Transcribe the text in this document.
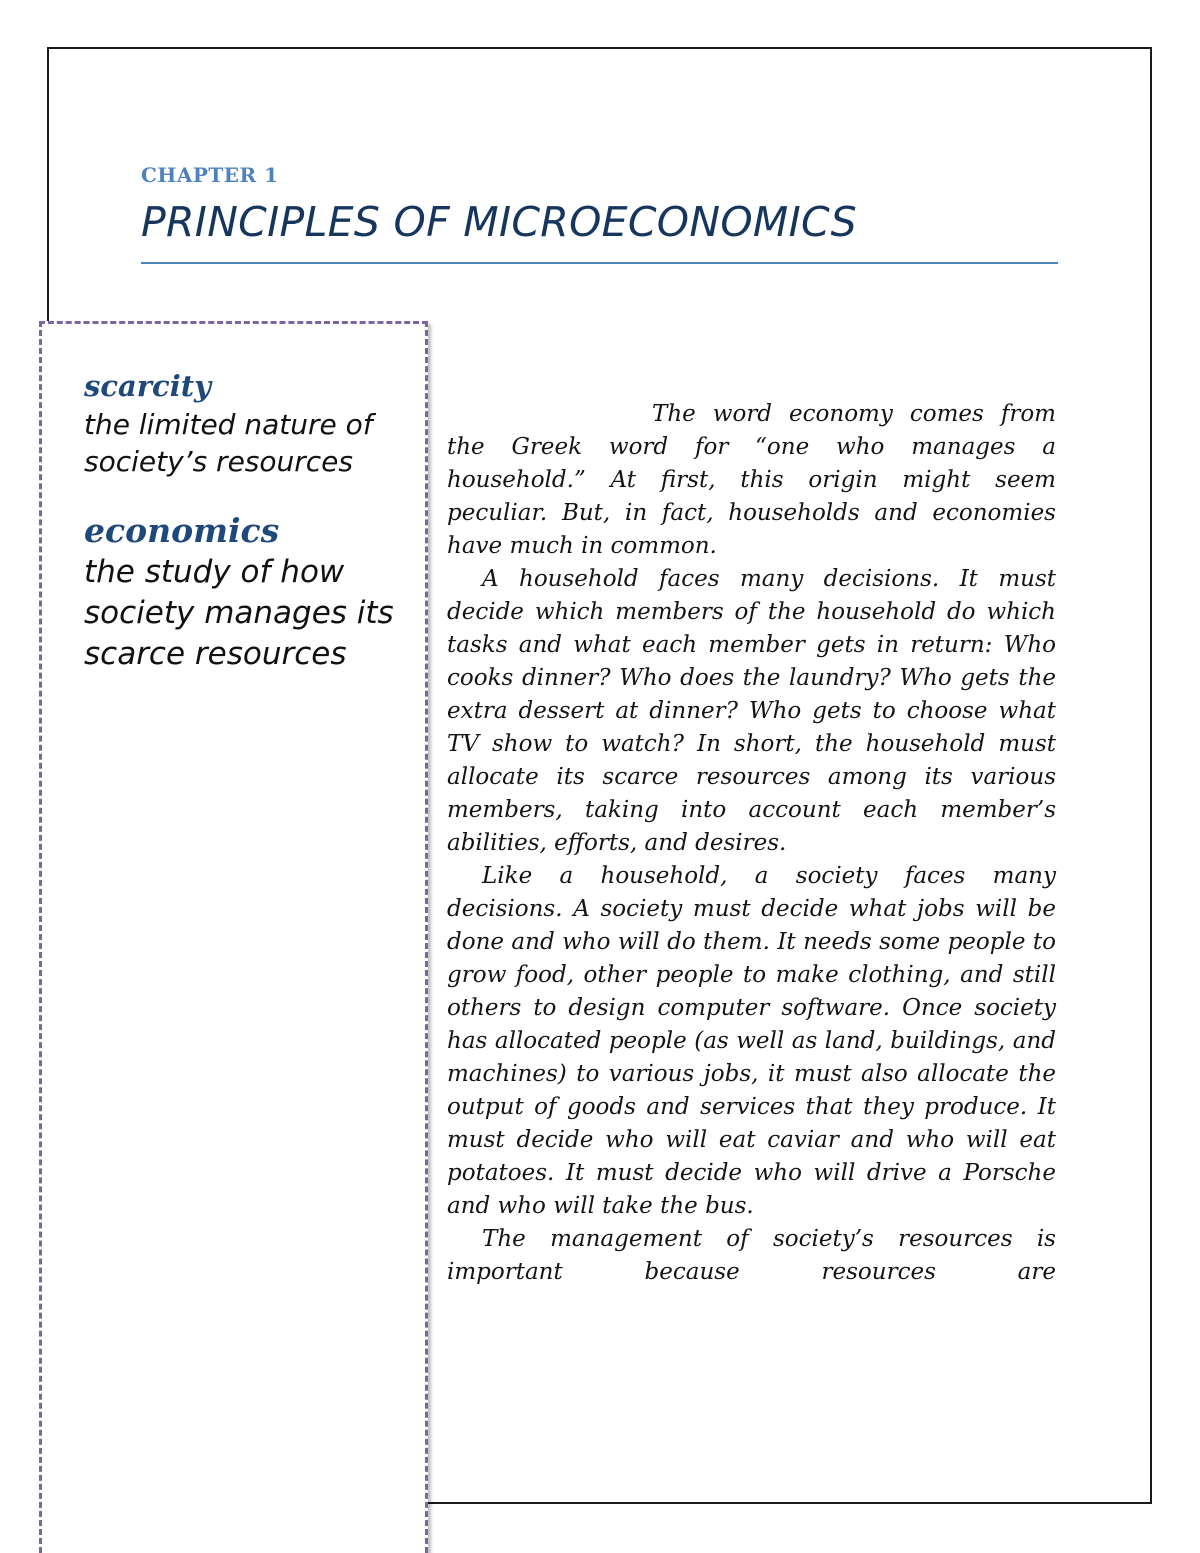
CHAPTER 1
PRINCIPLES OF MICROECONOMICS

scarcity

the limited nature of society’s resources

economics

the study of how society manages its scarce resources

The word economy comes from the Greek word for “one who manages a household.” At first, this origin might seem peculiar. But, in fact, households and economies have much in common.

A household faces many decisions. It must decide which members of the household do which tasks and what each member gets in return: Who cooks dinner? Who does the laundry? Who gets the extra dessert at dinner? Who gets to choose what TV show to watch? In short, the household must allocate its scarce resources among its various members, taking into account each member’s abilities, efforts, and desires.

Like a household, a society faces many decisions. A society must decide what jobs will be done and who will do them. It needs some people to grow food, other people to make clothing, and still others to design computer software. Once society has allocated people (as well as land, buildings, and machines) to various jobs, it must also allocate the output of goods and services that they produce. It must decide who will eat caviar and who will eat potatoes. It must decide who will drive a Porsche and who will take the bus.

The management of society’s resources is important because resources are
